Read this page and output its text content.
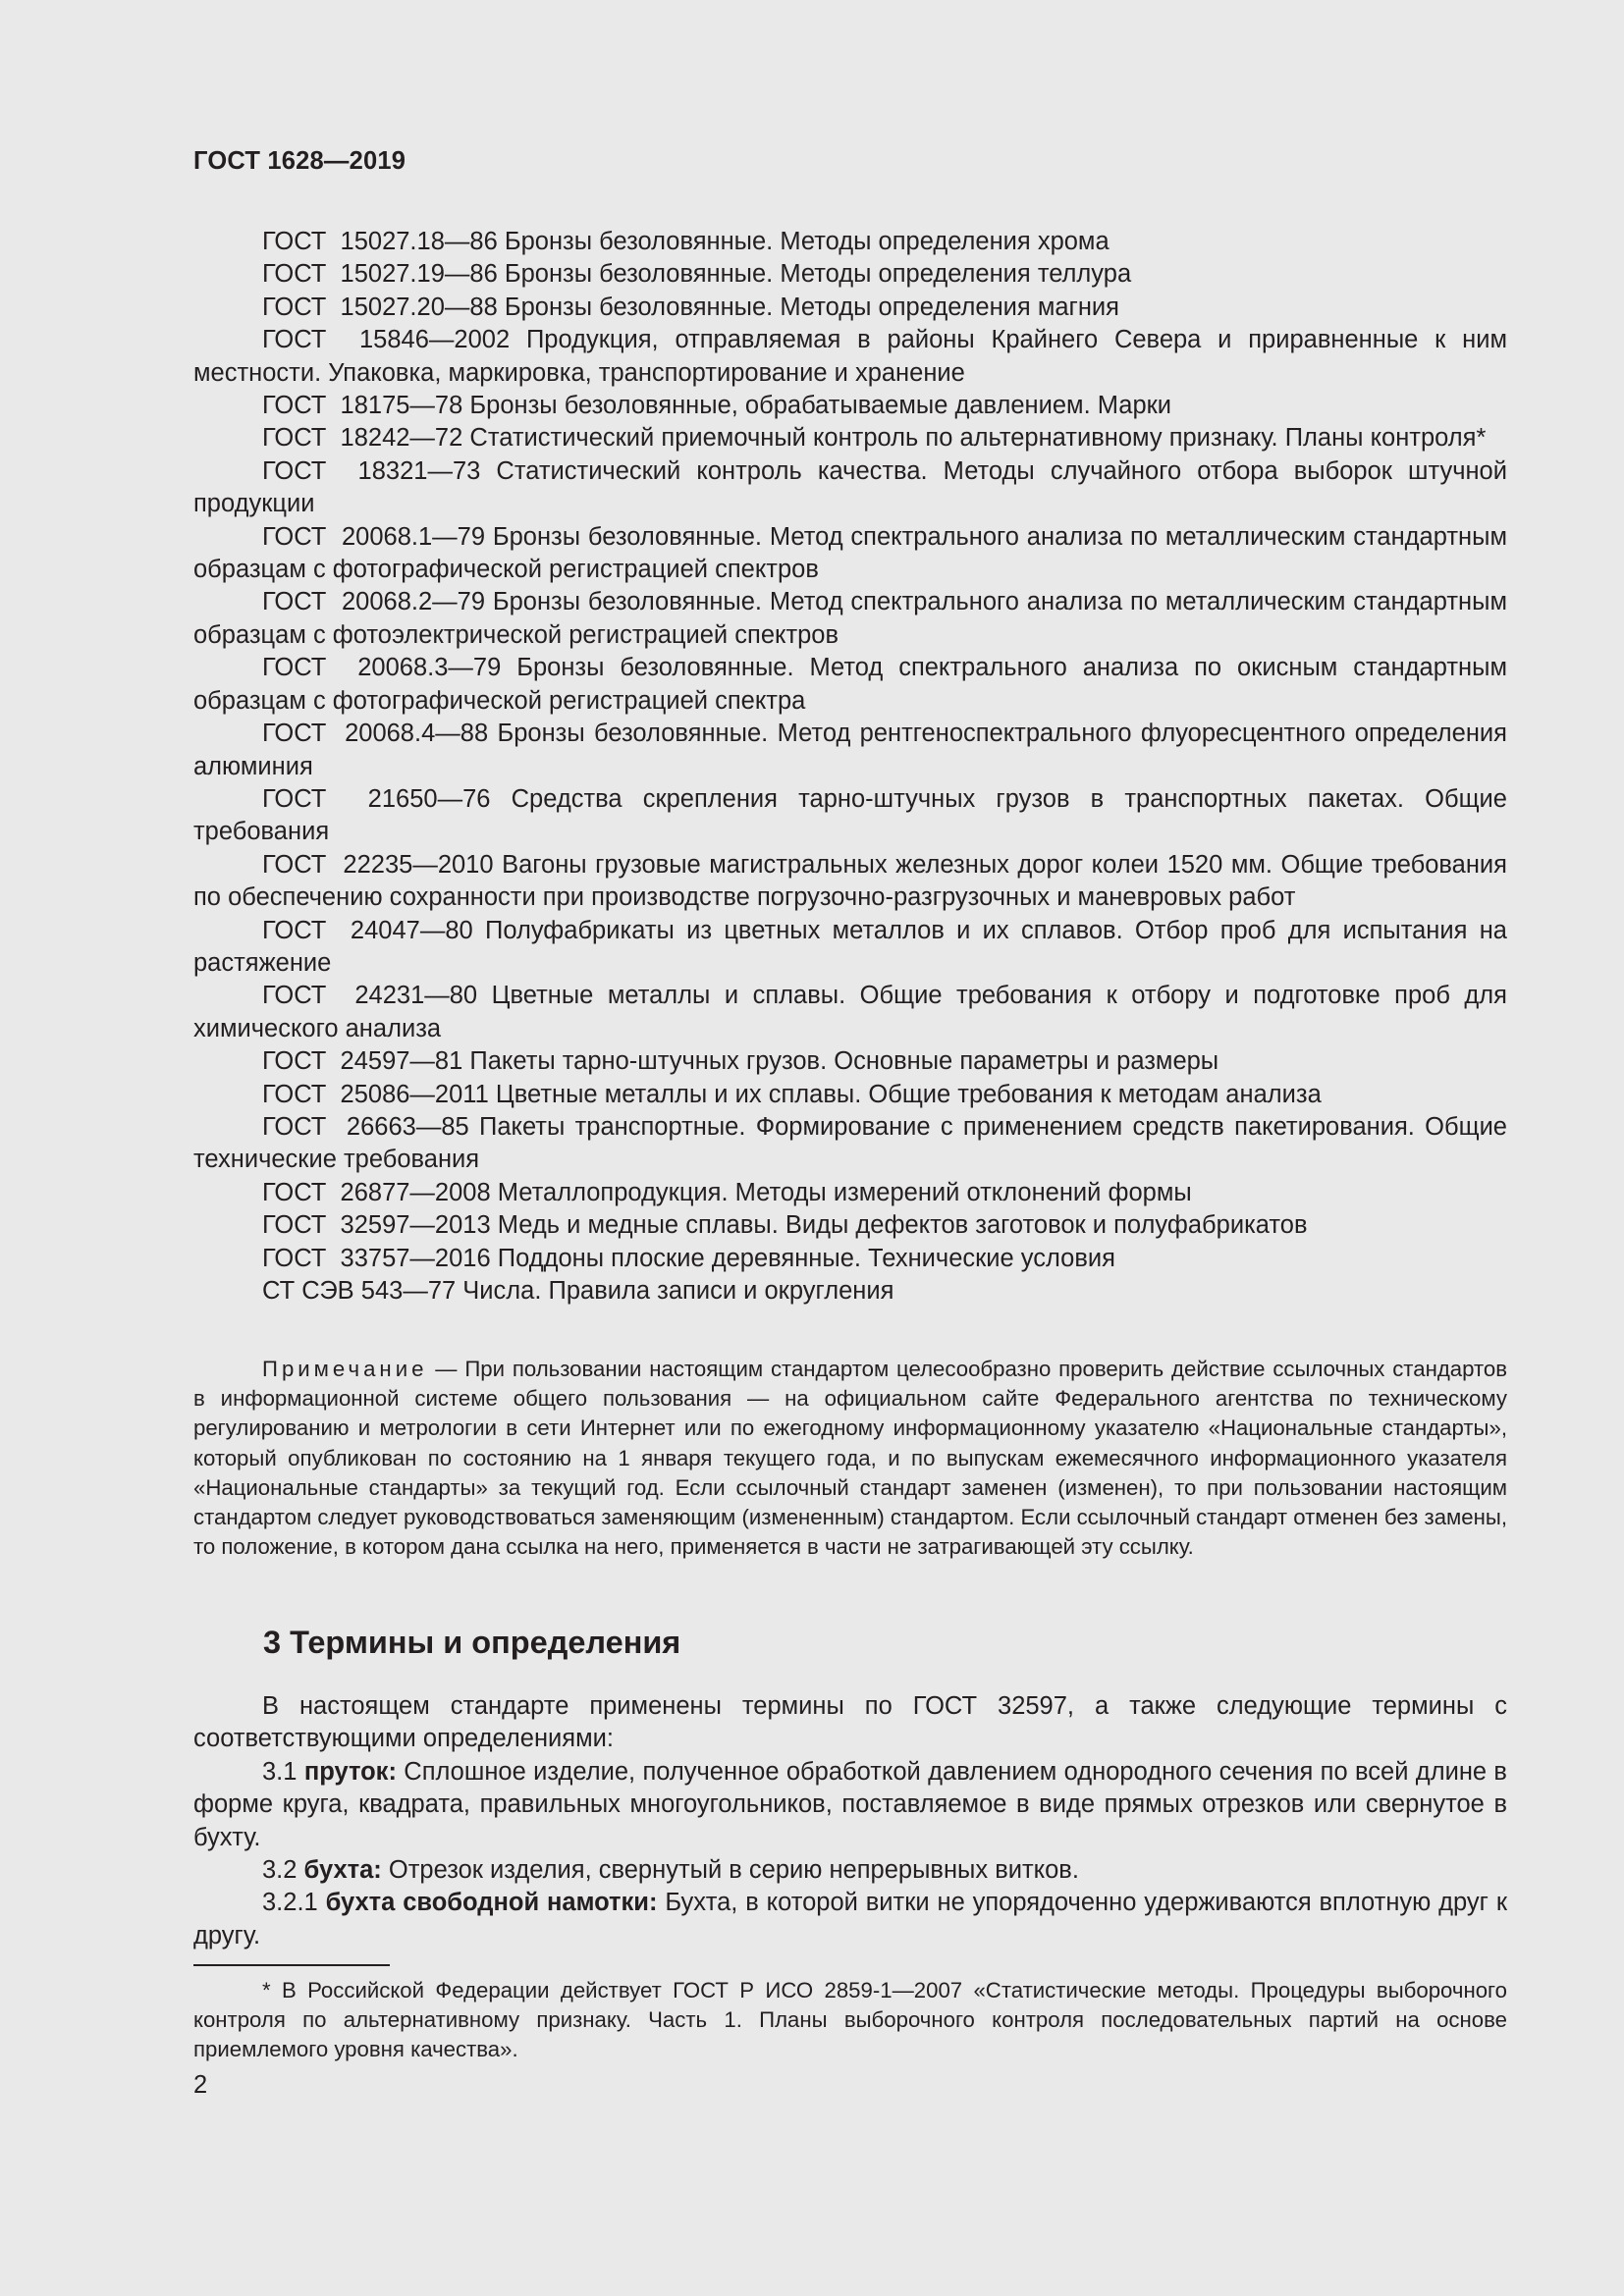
ГОСТ 1628—2019
ГОСТ  15027.18—86 Бронзы безоловянные. Методы определения хрома
ГОСТ  15027.19—86 Бронзы безоловянные. Методы определения теллура
ГОСТ  15027.20—88 Бронзы безоловянные. Методы определения магния
ГОСТ  15846—2002 Продукция, отправляемая в районы Крайнего Севера и приравненные к ним местности. Упаковка, маркировка, транспортирование и хранение
ГОСТ  18175—78 Бронзы безоловянные, обрабатываемые давлением. Марки
ГОСТ  18242—72 Статистический приемочный контроль по альтернативному признаку. Планы контроля*
ГОСТ  18321—73 Статистический контроль качества. Методы случайного отбора выборок штучной продукции
ГОСТ  20068.1—79 Бронзы безоловянные. Метод спектрального анализа по металлическим стандартным образцам с фотографической регистрацией спектров
ГОСТ  20068.2—79 Бронзы безоловянные. Метод спектрального анализа по металлическим стандартным образцам с фотоэлектрической регистрацией спектров
ГОСТ  20068.3—79 Бронзы безоловянные. Метод спектрального анализа по окисным стандартным образцам с фотографической регистрацией спектра
ГОСТ  20068.4—88 Бронзы безоловянные. Метод рентгеноспектрального флуоресцентного определения алюминия
ГОСТ  21650—76 Средства скрепления тарно-штучных грузов в транспортных пакетах. Общие требования
ГОСТ  22235—2010 Вагоны грузовые магистральных железных дорог колеи 1520 мм. Общие требования по обеспечению сохранности при производстве погрузочно-разгрузочных и маневровых работ
ГОСТ  24047—80 Полуфабрикаты из цветных металлов и их сплавов. Отбор проб для испытания на растяжение
ГОСТ  24231—80 Цветные металлы и сплавы. Общие требования к отбору и подготовке проб для химического анализа
ГОСТ  24597—81 Пакеты тарно-штучных грузов. Основные параметры и размеры
ГОСТ  25086—2011 Цветные металлы и их сплавы. Общие требования к методам анализа
ГОСТ  26663—85 Пакеты транспортные. Формирование с применением средств пакетирования. Общие технические требования
ГОСТ  26877—2008 Металлопродукция. Методы измерений отклонений формы
ГОСТ  32597—2013 Медь и медные сплавы. Виды дефектов заготовок и полуфабрикатов
ГОСТ  33757—2016 Поддоны плоские деревянные. Технические условия
СТ СЭВ 543—77 Числа. Правила записи и округления
Примечание — При пользовании настоящим стандартом целесообразно проверить действие ссылочных стандартов в информационной системе общего пользования — на официальном сайте Федерального агентства по техническому регулированию и метрологии в сети Интернет или по ежегодному информационному указателю «Национальные стандарты», который опубликован по состоянию на 1 января текущего года, и по выпускам ежемесячного информационного указателя «Национальные стандарты» за текущий год. Если ссылочный стандарт заменен (изменен), то при пользовании настоящим стандартом следует руководствоваться заменяющим (измененным) стандартом. Если ссылочный стандарт отменен без замены, то положение, в котором дана ссылка на него, применяется в части не затрагивающей эту ссылку.
3 Термины и определения
В настоящем стандарте применены термины по ГОСТ 32597, а также следующие термины с соответствующими определениями:
3.1 пруток: Сплошное изделие, полученное обработкой давлением однородного сечения по всей длине в форме круга, квадрата, правильных многоугольников, поставляемое в виде прямых отрезков или свернутое в бухту.
3.2 бухта: Отрезок изделия, свернутый в серию непрерывных витков.
3.2.1 бухта свободной намотки: Бухта, в которой витки не упорядоченно удерживаются вплотную друг к другу.
* В Российской Федерации действует ГОСТ Р ИСО 2859-1—2007 «Статистические методы. Процедуры выборочного контроля по альтернативному признаку. Часть 1. Планы выборочного контроля последовательных партий на основе приемлемого уровня качества».
2
